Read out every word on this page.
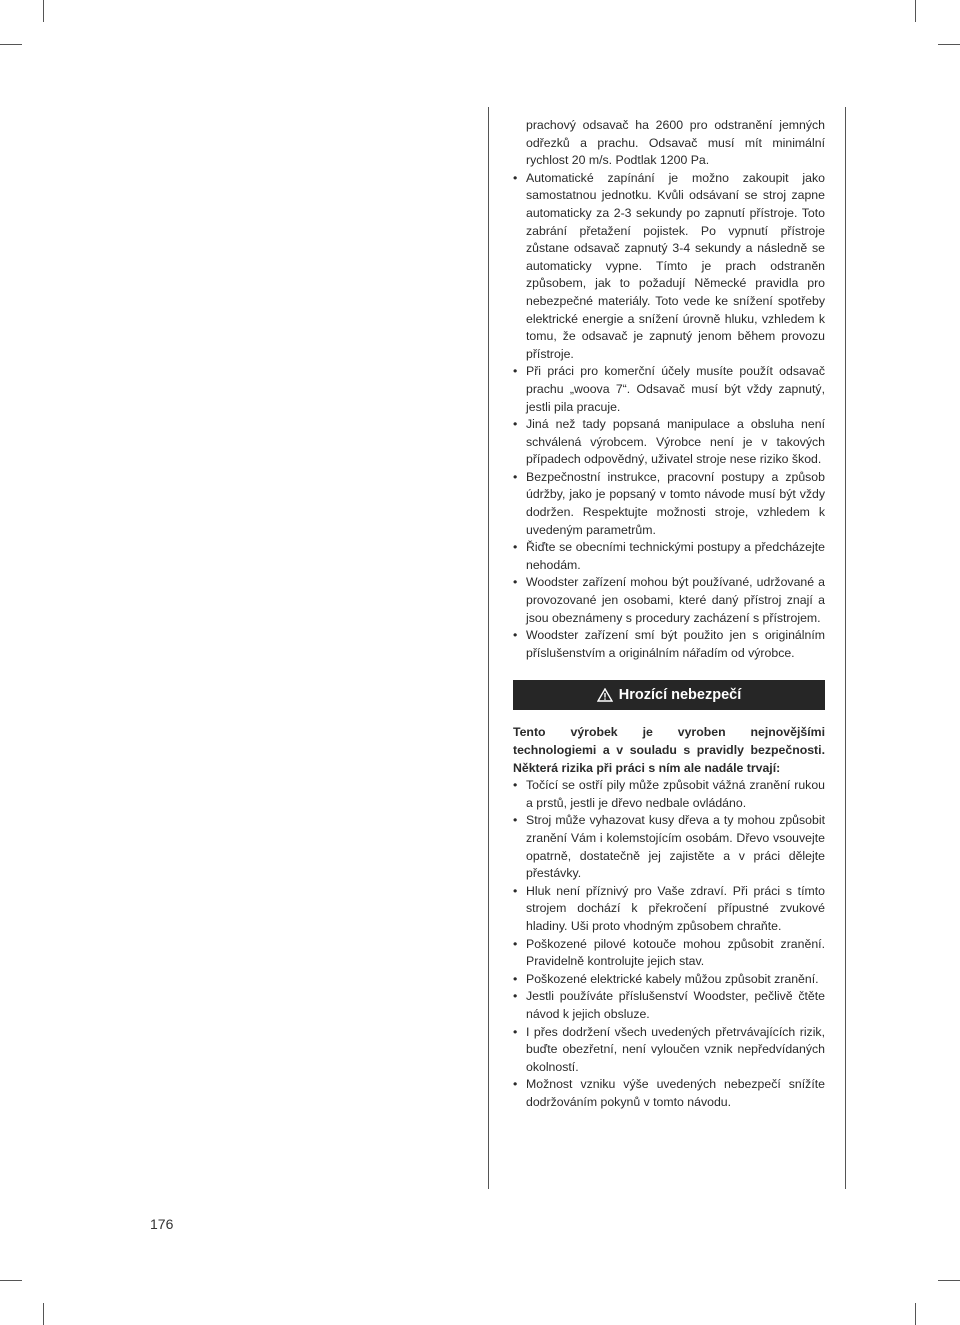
prachový odsavač ha 2600 pro odstranění jemných odřezků a prachu. Odsavač musí mít minimální rychlost 20 m/s. Podtlak 1200 Pa.

• Automatické zapínání je možno zakoupit jako samostatnou jednotku. Kvůli odsávaní se stroj zapne automaticky za 2-3 sekundy po zapnutí přístroje. Toto zabrání přetažení pojistek. Po vypnutí přístroje zůstane odsavač zapnutý 3-4 sekundy a následně se automaticky vypne. Tímto je prach odstraněn způsobem, jak to požadují Německé pravidla pro nebezpečné materiály. Toto vede ke snížení spotřeby elektrické energie a snížení úrovně hluku, vzhledem k tomu, že odsavač je zapnutý jenom během provozu přístroje.
• Při práci pro komerční účely musíte použít odsavač prachu „woova 7“. Odsavač musí být vždy zapnutý, jestli pila pracuje.
• Jiná než tady popsaná manipulace a obsluha není schválená výrobcem. Výrobce není je v takových případech odpovědný, uživatel stroje nese riziko škod.
• Bezpečnostní instrukce, pracovní postupy a způsob údržby, jako je popsaný v tomto návode musí být vždy dodržen. Respektujte možnosti stroje, vzhledem k uvedeným parametrům.
• Řiďte se obecními technickými postupy a předcházejte nehodám.
• Woodster zařízení mohou být používané, udržované a provozované jen osobami, které daný přístroj znají a jsou obeznámeny s procedury zacházení s přístrojem.
• Woodster zařízení smí být použito jen s originálním příslušenstvím a originálním nářadím od výrobce.
Hrozící nebezpečí

Tento výrobek je vyroben nejnovějšími technologiemi a v souladu s pravidly bezpečnosti. Některá rizika při práci s ním ale nadále trvají:

• Točící se ostří pily může způsobit vážná zranění rukou a prstů, jestli je dřevo nedbale ovládáno.
• Stroj může vyhazovat kusy dřeva a ty mohou způsobit zranění Vám i kolemstojícím osobám. Dřevo vsouvejte opatrně, dostatečně jej zajistěte a v práci dělejte přestávky.
• Hluk není příznivý pro Vaše zdraví. Při práci s tímto strojem dochází k překročení přípustné zvukové hladiny. Uši proto vhodným způsobem chraňte.
• Poškozené pilové kotouče mohou způsobit zranění. Pravidelně kontrolujte jejich stav.
• Poškozené elektrické kabely můžou způsobit zranění.
• Jestli používáte příslušenství Woodster, pečlivě čtěte návod k jejich obsluze.
• I přes dodržení všech uvedených přetrvávajících rizik, buďte obezřetní, není vyloučen vznik nepředvídaných okolností.
• Možnost vzniku výše uvedených nebezpečí snížíte dodržováním pokynů v tomto návodu.
176
